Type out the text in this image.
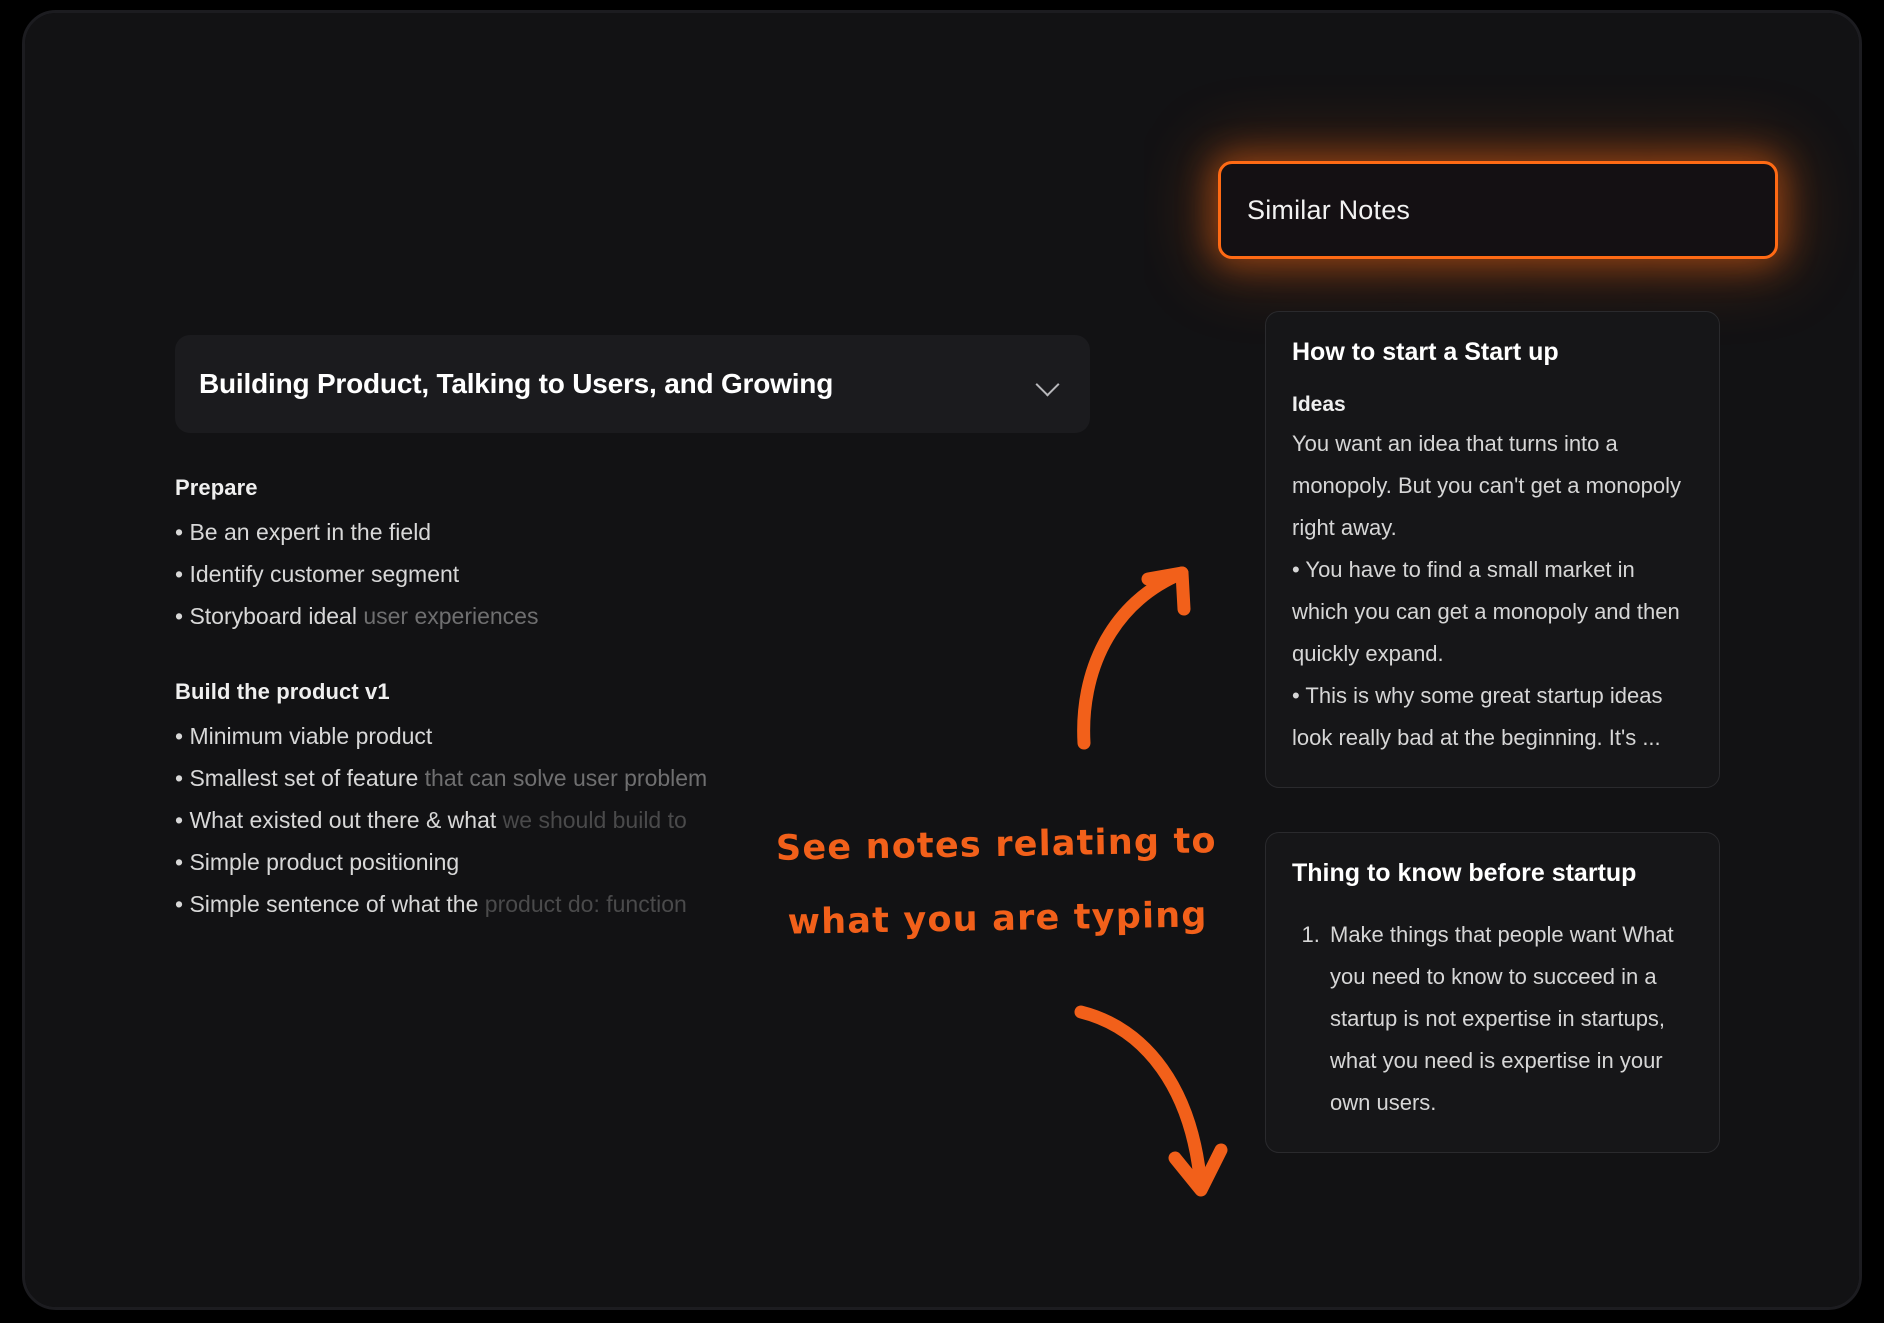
Similar Notes
Building Product, Talking to Users, and Growing

Prepare

• Be an expert in the field

• Identify customer segment

• Storyboard ideal user experiences

Build the product v1

• Minimum viable product

• Smallest set of feature that can solve user problem

• What existed out there & what we should build to

• Simple product positioning

• Simple sentence of what the product do: function

How to start a Start up

Ideas

You want an idea that turns into a monopoly. But you can't get a monopoly right away.

• You have to find a small market in which you can get a monopoly and then quickly expand.

• This is why some great startup ideas look really bad at the beginning. It's ...

Thing to know before startup

1. Make things that people want What you need to know to succeed in a startup is not expertise in startups, what you need is expertise in your own users.
See notes relating to
what you are typing
